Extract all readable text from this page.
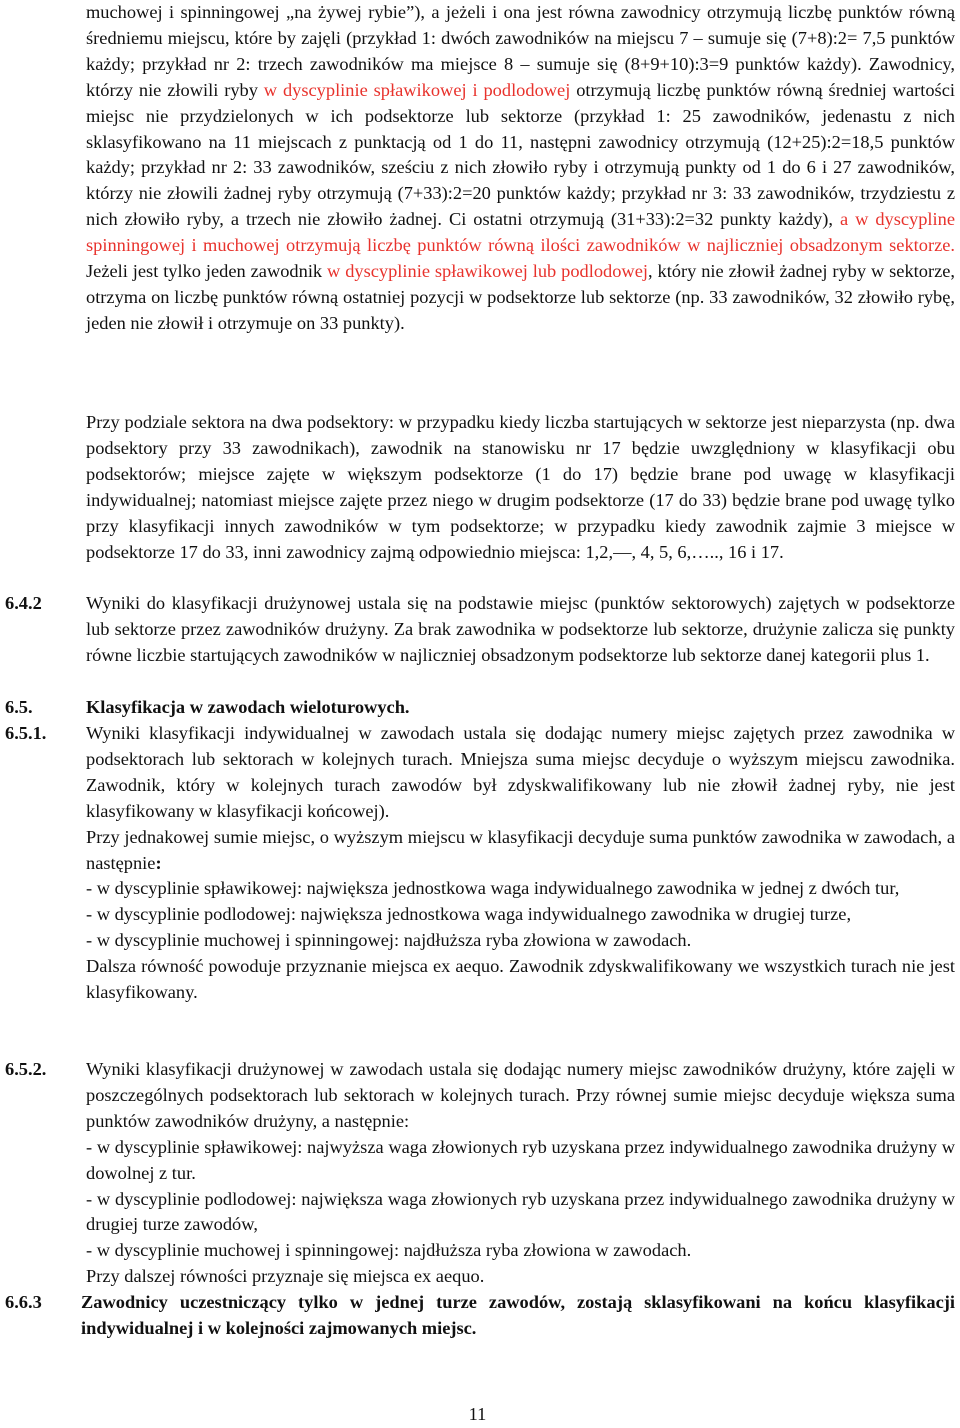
muchowej i spinningowej „na żywej rybie”), a jeżeli i ona jest równa zawodnicy otrzymują liczbę punktów równą średniemu miejscu, które by zajęli (przykład 1: dwóch zawodników na miejscu 7 – sumuje się (7+8):2= 7,5 punktów każdy; przykład nr 2: trzech zawodników ma miejsce 8 – sumuje się (8+9+10):3=9 punktów każdy). Zawodnicy, którzy nie złowili ryby w dyscyplinie spławikowej i podlodowej otrzymują liczbę punktów równą średniej wartości miejsc nie przydzielonych w ich podsektorze lub sektorze (przykład 1: 25 zawodników, jedenastu z nich sklasyfikowano na 11 miejscach z punktacją od 1 do 11, następni zawodnicy otrzymują (12+25):2=18,5 punktów każdy; przykład nr 2: 33 zawodników, sześciu z nich złowiło ryby i otrzymują punkty od 1 do 6 i 27 zawodników, którzy nie złowili żadnej ryby otrzymują (7+33):2=20 punktów każdy; przykład nr 3: 33 zawodników, trzydziestu z nich złowiło ryby, a trzech nie złowiło żadnej. Ci ostatni otrzymują (31+33):2=32 punkty każdy), a w dyscypline spinningowej i muchowej otrzymują liczbę punktów równą ilości zawodników w najliczniej obsadzonym sektorze. Jeżeli jest tylko jeden zawodnik w dyscyplinie spławikowej lub podlodowej, który nie złowił żadnej ryby w sektorze, otrzyma on liczbę punktów równą ostatniej pozycji w podsektorze lub sektorze (np. 33 zawodników, 32 złowiło rybę, jeden nie złowił i otrzymuje on 33 punkty).

Przy podziale sektora na dwa podsektory: w przypadku kiedy liczba startujących w sektorze jest nieparzysta (np. dwa podsektory przy 33 zawodnikach), zawodnik na stanowisku nr 17 będzie uwzględniony w klasyfikacji obu podsektorów; miejsce zajęte w większym podsektorze (1 do 17) będzie brane pod uwagę w klasyfikacji indywidualnej; natomiast miejsce zajęte przez niego w drugim podsektorze (17 do 33) będzie brane pod uwagę tylko przy klasyfikacji innych zawodników w tym podsektorze; w przypadku kiedy zawodnik zajmie 3 miejsce w podsektorze 17 do 33, inni zawodnicy zajmą odpowiednio miejsca: 1,2,—, 4, 5, 6,….., 16 i 17.

6.4.2 Wyniki do klasyfikacji drużynowej ustala się na podstawie miejsc (punktów sektorowych) zajętych w podsektorze lub sektorze przez zawodników drużyny. Za brak zawodnika w podsektorze lub sektorze, drużynie zalicza się punkty równe liczbie startujących zawodników w najliczniej obsadzonym podsektorze lub sektorze danej kategorii plus 1.
6.5.	Klasyfikacja w zawodach wieloturowych.
6.5.1. Wyniki klasyfikacji indywidualnej w zawodach ustala się dodając numery miejsc zajętych przez zawodnika w podsektorach lub sektorach w kolejnych turach. Mniejsza suma miejsc decyduje o wyższym miejscu zawodnika. Zawodnik, który w kolejnych turach zawodów był zdyskwalifikowany lub nie złowił żadnej ryby, nie jest klasyfikowany w klasyfikacji końcowej).
Przy jednakowej sumie miejsc, o wyższym miejscu w klasyfikacji decyduje suma punktów zawodnika w zawodach, a następnie:
- w dyscyplinie spławikowej: największa jednostkowa waga indywidualnego zawodnika w jednej z dwóch tur,
- w dyscyplinie podlodowej: największa jednostkowa waga indywidualnego zawodnika w drugiej turze,
- w dyscyplinie muchowej i spinningowej: najdłuższa ryba złowiona w zawodach.
Dalsza równość powoduje przyznanie miejsca ex aequo. Zawodnik zdyskwalifikowany we wszystkich turach nie jest klasyfikowany.
6.5.2. Wyniki klasyfikacji drużynowej w zawodach ustala się dodając numery miejsc zawodników drużyny, które zajęli w poszczególnych podsektorach lub sektorach w kolejnych turach. Przy równej sumie miejsc decyduje większa suma punktów zawodników drużyny, a następnie:
- w dyscyplinie spławikowej: najwyższa waga złowionych ryb uzyskana przez indywidualnego zawodnika drużyny w dowolnej z tur.
- w dyscyplinie podlodowej: największa waga złowionych ryb uzyskana przez indywidualnego zawodnika drużyny w drugiej turze zawodów,
- w dyscyplinie muchowej i spinningowej: najdłuższa ryba złowiona w zawodach.
Przy dalszej równości przyznaje się miejsca ex aequo.
6.6.3 Zawodnicy uczestniczący tylko w jednej turze zawodów, zostają sklasyfikowani na końcu klasyfikacji indywidualnej i w kolejności zajmowanych miejsc.
11
